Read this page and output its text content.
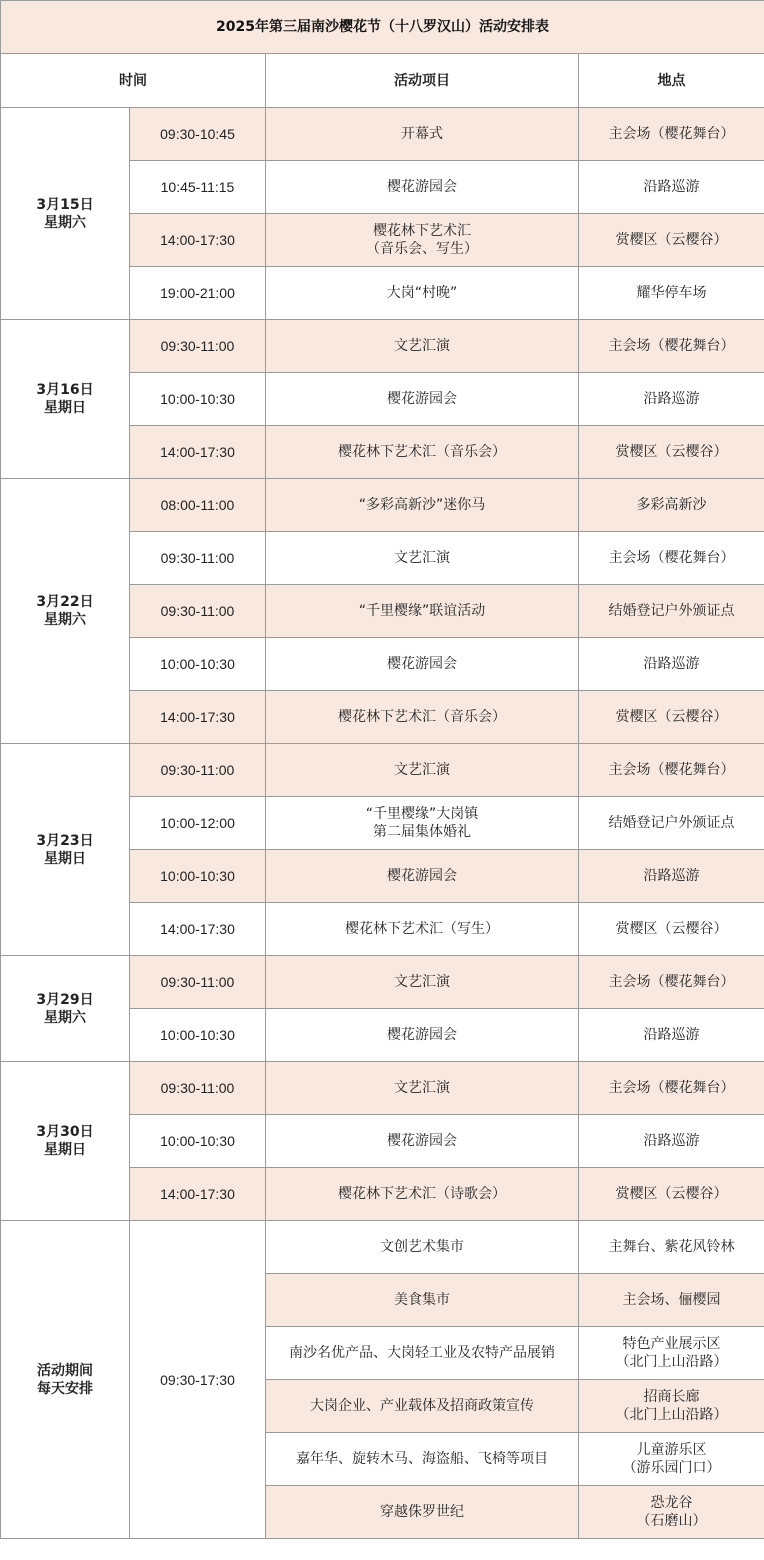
2025年第三届南沙樱花节（十八罗汉山）活动安排表			
时间		活动项目	地点

3月15日
星期六	09:30-10:45	开幕式	主会场（樱花舞台）

	10:45-11:15	樱花游园会	沿路巡游

	14:00-17:30	樱花林下艺术汇
（音乐会、写生）	赏樱区（云樱谷）

	19:00-21:00	大岗“村晚”	耀华停车场

3月16日
星期日	09:30-11:00	文艺汇演	主会场（樱花舞台）

	10:00-10:30	樱花游园会	沿路巡游

	14:00-17:30	樱花林下艺术汇（音乐会）	赏樱区（云樱谷）

3月22日
星期六	08:00-11:00	“多彩高新沙”迷你马	多彩高新沙

	09:30-11:00	文艺汇演	主会场（樱花舞台）

	09:30-11:00	“千里樱缘”联谊活动	结婚登记户外颁证点

	10:00-10:30	樱花游园会	沿路巡游

	14:00-17:30	樱花林下艺术汇（音乐会）	赏樱区（云樱谷）

3月23日
星期日	09:30-11:00	文艺汇演	主会场（樱花舞台）

	10:00-12:00	“千里樱缘”大岗镇
第二届集体婚礼	结婚登记户外颁证点

	10:00-10:30	樱花游园会	沿路巡游

	14:00-17:30	樱花林下艺术汇（写生）	赏樱区（云樱谷）

3月29日
星期六	09:30-11:00	文艺汇演	主会场（樱花舞台）

	10:00-10:30	樱花游园会	沿路巡游

3月30日
星期日	09:30-11:00	文艺汇演	主会场（樱花舞台）

	10:00-10:30	樱花游园会	沿路巡游

	14:00-17:30	樱花林下艺术汇（诗歌会）	赏樱区（云樱谷）

活动期间
每天安排	09:30-17:30	文创艺术集市	主舞台、紫花风铃林

		美食集市	主会场、俪樱园

		南沙名优产品、大岗轻工业及农特产品展销	特色产业展示区
（北门上山沿路）

		大岗企业、产业载体及招商政策宣传	招商长廊
（北门上山沿路）

		嘉年华、旋转木马、海盗船、飞椅等项目	儿童游乐区
（游乐园门口）

		穿越侏罗世纪	恐龙谷
（石磨山）
